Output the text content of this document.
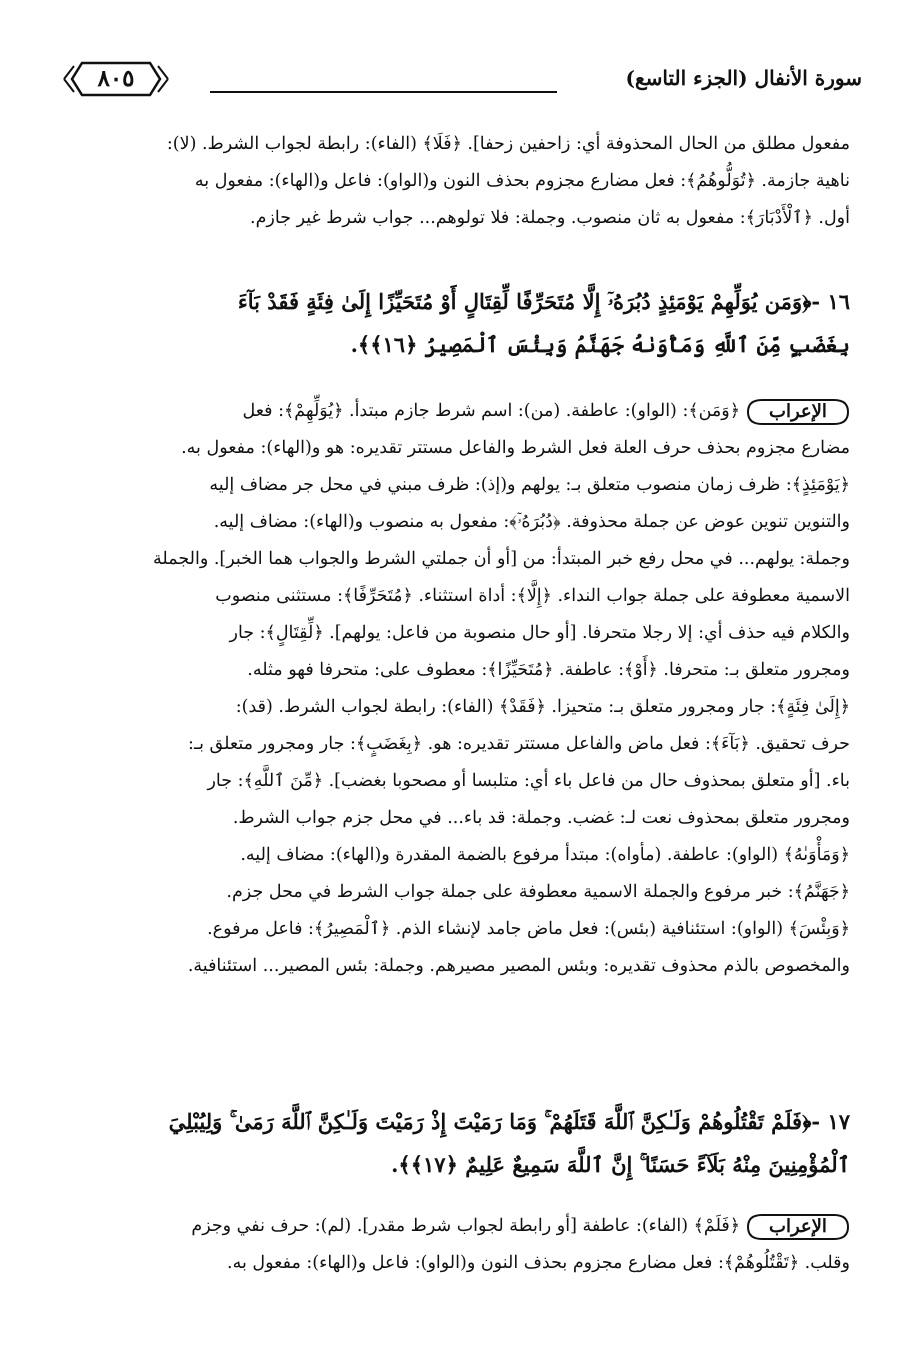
سورة الأنفال (الجزء التاسع)
٨٠٥
مفعول مطلق من الحال المحذوفة أي: زاحفين زحفا]. ﴿فَلَا﴾ (الفاء): رابطة لجواب الشرط. (لا):
ناهية جازمة. ﴿تُوَلُّوهُمُ﴾: فعل مضارع مجزوم بحذف النون و(الواو): فاعل و(الهاء): مفعول به
أول. ﴿ٱلْأَدْبَارَ﴾: مفعول به ثان منصوب. وجملة: فلا تولوهم... جواب شرط غير جازم.
١٦ -﴿وَمَن يُوَلِّهِمْ يَوْمَئِذٍ دُبُرَهُۥٓ إِلَّا مُتَحَرِّفًا لِّقِتَالٍ أَوْ مُتَحَيِّزًا إِلَىٰ فِئَةٍ فَقَدْ بَآءَ
بِغَضَبٍ مِّنَ ٱللَّهِ وَمَأْوَىٰهُ جَهَنَّمُ وَبِئْسَ ٱلْمَصِيرُ ﴿١٦﴾﴾.
الإعراب
﴿وَمَن﴾: (الواو): عاطفة. (من): اسم شرط جازم مبتدأ. ﴿يُوَلِّهِمْ﴾: فعل
مضارع مجزوم بحذف حرف العلة فعل الشرط والفاعل مستتر تقديره: هو و(الهاء): مفعول به.
﴿يَوْمَئِذٍ﴾: ظرف زمان منصوب متعلق بـ: يولهم و(إذ): ظرف مبني في محل جر مضاف إليه
والتنوين تنوين عوض عن جملة محذوفة. ﴿دُبُرَهُۥٓ﴾: مفعول به منصوب و(الهاء): مضاف إليه.
وجملة: يولهم... في محل رفع خبر المبتدأ: من [أو أن جملتي الشرط والجواب هما الخبر]. والجملة
الاسمية معطوفة على جملة جواب النداء. ﴿إِلَّا﴾: أداة استثناء. ﴿مُتَحَرِّفًا﴾: مستثنى منصوب
والكلام فيه حذف أي: إلا رجلا متحرفا. [أو حال منصوبة من فاعل: يولهم]. ﴿لِّقِتَالٍ﴾: جار
ومجرور متعلق بـ: متحرفا. ﴿أَوْ﴾: عاطفة. ﴿مُتَحَيِّزًا﴾: معطوف على: متحرفا فهو مثله.
﴿إِلَىٰ فِئَةٍ﴾: جار ومجرور متعلق بـ: متحيزا. ﴿فَقَدْ﴾ (الفاء): رابطة لجواب الشرط. (قد):
حرف تحقيق. ﴿بَآءَ﴾: فعل ماض والفاعل مستتر تقديره: هو. ﴿بِغَضَبٍ﴾: جار ومجرور متعلق بـ:
باء. [أو متعلق بمحذوف حال من فاعل باء أي: متلبسا أو مصحوبا بغضب]. ﴿مِّنَ ٱللَّهِ﴾: جار
ومجرور متعلق بمحذوف نعت لـ: غضب. وجملة: قد باء... في محل جزم جواب الشرط.
﴿وَمَأْوَىٰهُ﴾ (الواو): عاطفة. (مأواه): مبتدأ مرفوع بالضمة المقدرة و(الهاء): مضاف إليه.
﴿جَهَنَّمُ﴾: خبر مرفوع والجملة الاسمية معطوفة على جملة جواب الشرط في محل جزم.
﴿وَبِئْسَ﴾ (الواو): استئنافية (بئس): فعل ماض جامد لإنشاء الذم. ﴿ٱلْمَصِيرُ﴾: فاعل مرفوع.
والمخصوص بالذم محذوف تقديره: وبئس المصير مصيرهم. وجملة: بئس المصير... استئنافية.
١٧ -﴿فَلَمْ تَقْتُلُوهُمْ وَلَـٰكِنَّ ٱللَّهَ قَتَلَهُمْ ۚ وَمَا رَمَيْتَ إِذْ رَمَيْتَ وَلَـٰكِنَّ ٱللَّهَ رَمَىٰ ۚ وَلِيُبْلِيَ
ٱلْمُؤْمِنِينَ مِنْهُ بَلَآءً حَسَنًا ۚ إِنَّ ٱللَّهَ سَمِيعٌ عَلِيمٌ ﴿١٧﴾﴾.
الإعراب
﴿فَلَمْ﴾ (الفاء): عاطفة [أو رابطة لجواب شرط مقدر]. (لم): حرف نفي وجزم
وقلب. ﴿تَقْتُلُوهُمْ﴾: فعل مضارع مجزوم بحذف النون و(الواو): فاعل و(الهاء): مفعول به.
